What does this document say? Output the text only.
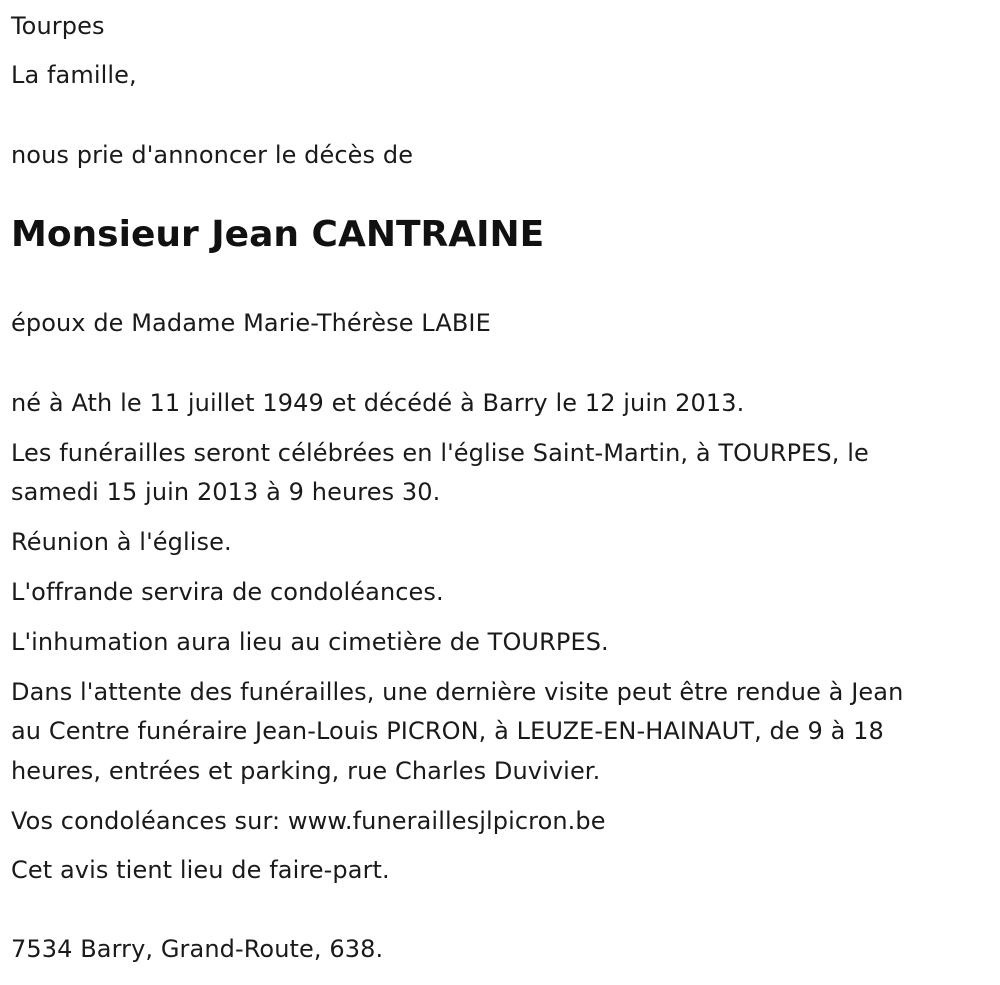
Tourpes
La famille,
nous prie d'annoncer le décès de
Monsieur Jean CANTRAINE
époux de Madame Marie-Thérèse LABIE
né à Ath le 11 juillet 1949 et décédé à Barry le 12 juin 2013.
Les funérailles seront célébrées en l'église Saint-Martin, à TOURPES, le
samedi 15 juin 2013 à 9 heures 30.
Réunion à l'église.
L'offrande servira de condoléances.
L'inhumation aura lieu au cimetière de TOURPES.
Dans l'attente des funérailles, une dernière visite peut être rendue à Jean
au Centre funéraire Jean-Louis PICRON, à LEUZE-EN-HAINAUT, de 9 à 18
heures, entrées et parking, rue Charles Duvivier.
Vos condoléances sur: www.funeraillesjlpicron.be
Cet avis tient lieu de faire-part.
7534 Barry, Grand-Route, 638.
